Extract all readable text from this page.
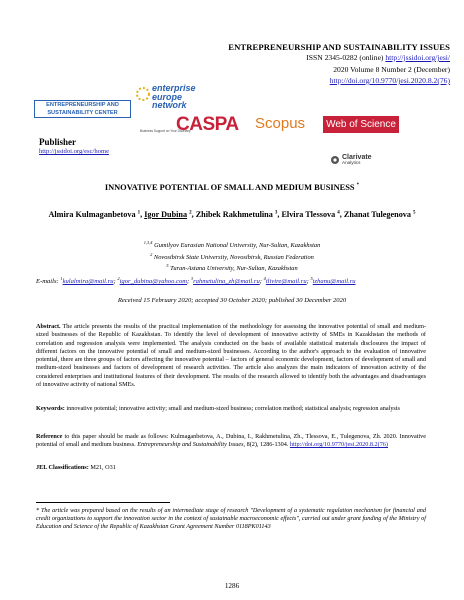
ENTREPRENEURSHIP AND SUSTAINABILITY ISSUES
ISSN 2345-0282 (online) http://jssidoi.org/jesi/
2020 Volume 8 Number 2 (December)
http://doi.org/10.9770/jesi.2020.8.2(76)
ENTREPRENEURSHIP AND
SUSTAINABILITY CENTER
enterprise
europe
network
Business Support on Your Doorstep
CASPA Scopus	Web of Science
Clarivate
Analytics
Publisher
http://jssidoi.org/esc/home
INNOVATIVE POTENTIAL OF SMALL AND MEDIUM BUSINESS *
Almira Kulmaganbetova $^1$, Igor Dubina $^2$, Zhibek Rakhmetulina $^3$, Elvira Tlessova $^4$, Zhanat Tulegenova $^5$
$^{1,3,4}$ Gumilyov Eurasian National University, Nur-Sultan, Kazakhstan
$^2$ Novosibirsk State University, Novosibirsk, Russian Federation
$^5$ Turan-Astana University, Nur-Sultan, Kazakhstan
E-mails: $^1$kulalmira@mail.ru; $^2$igor_dubina@yahoo.com; $^3$rahmetulina_zh@mail.ru; $^4$tlivire@mail.ru; $^5$tzhanu@mail.ru
Received 15 February 2020; accepted 30 October 2020; published 30 December 2020
Abstract. The article presents the results of the practical implementation of the methodology for assessing the innovative potential of small and medium-sized businesses of the Republic of Kazakhstan. To identify the level of development of innovative activity of SMEs in Kazakhstan the methods of correlation and regression analysis were implemented. The analysis conducted on the basis of available statistical materials disclosures the impact of different factors on the innovative potential of small and medium-sized businesses. According to the author's approach to the evaluation of innovative potential, there are three groups of factors affecting the innovative potential – factors of general economic development, factors of development of small and medium-sized businesses and factors of development of research activities. The article also analyzes the main indicators of innovation activity of the considered enterprises and institutional features of their development. The results of the research allowed to identify both the advantages and disadvantages of innovative activity of national SMEs.
Keywords: innovative potential; innovative activity; small and medium-sized business; correlation method; statistical analysis; regression analysis
Reference to this paper should be made as follows: Kulmaganbetova, A., Dubina, I., Rakhmetulina, Zh., Tlessova, E., Tulegenova, Zh. 2020. Innovative potential of small and medium business. Entrepreneurship and Sustainability Issues, 8(2), 1286-1304. http://doi.org/10.9770/jesi.2020.8.2(76)
JEL Classifications: M21, O31
* The article was prepared based on the results of an intermediate stage of research "Development of a systematic regulation mechanism for financial and credit organizations to support the innovation sector in the context of sustainable macroeconomic effects", carried out under grant funding of the Ministry of Education and Science of the Republic of Kazakhstan Grant Agreement Number 0118РК01143
1286
